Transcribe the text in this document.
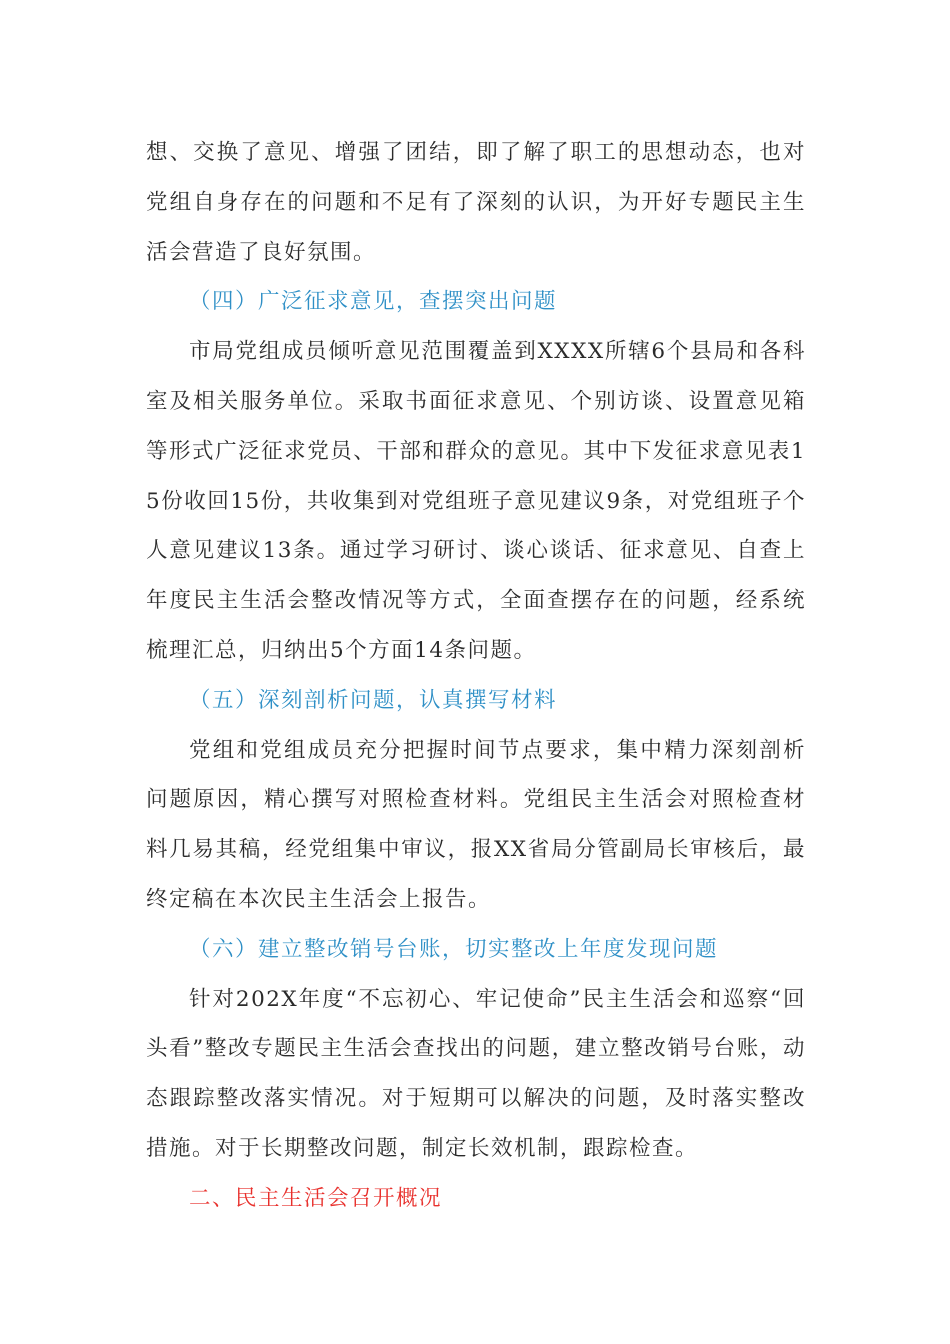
想、交换了意见、增强了团结，即了解了职工的思想动态，也对党组自身存在的问题和不足有了深刻的认识，为开好专题民主生活会营造了良好氛围。

（四）广泛征求意见，查摆突出问题

市局党组成员倾听意见范围覆盖到XXXX所辖6个县局和各科室及相关服务单位。采取书面征求意见、个别访谈、设置意见箱等形式广泛征求党员、干部和群众的意见。其中下发征求意见表15份收回15份，共收集到对党组班子意见建议9条，对党组班子个人意见建议13条。通过学习研讨、谈心谈话、征求意见、自查上年度民主生活会整改情况等方式，全面查摆存在的问题，经系统梳理汇总，归纳出5个方面14条问题。

（五）深刻剖析问题，认真撰写材料

党组和党组成员充分把握时间节点要求，集中精力深刻剖析问题原因，精心撰写对照检查材料。党组民主生活会对照检查材料几易其稿，经党组集中审议，报XX省局分管副局长审核后，最终定稿在本次民主生活会上报告。

（六）建立整改销号台账，切实整改上年度发现问题

针对202X年度“不忘初心、牢记使命”民主生活会和巡察“回头看”整改专题民主生活会查找出的问题，建立整改销号台账，动态跟踪整改落实情况。对于短期可以解决的问题，及时落实整改措施。对于长期整改问题，制定长效机制，跟踪检查。

二、民主生活会召开概况
